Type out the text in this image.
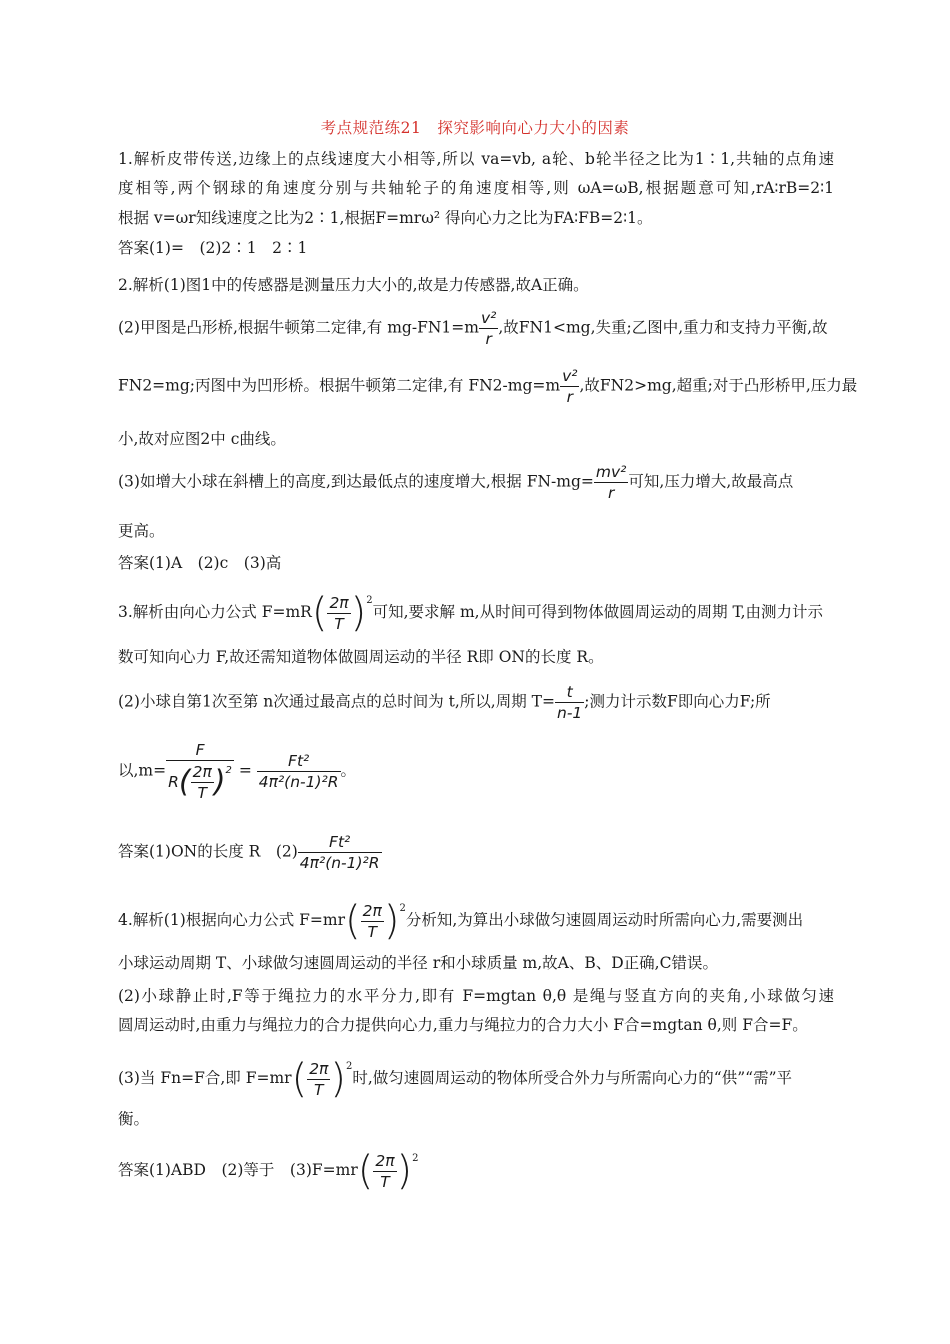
考点规范练21　探究影响向心力大小的因素
1.解析皮带传送,边缘上的点线速度大小相等,所以 va=vb, a轮、b轮半径之比为1∶1,共轴的点角速
度相等,两个钢球的角速度分别与共轴轮子的角速度相等,则 ωA=ωB,根据题意可知,rA∶rB=2∶1
根据 v=ωr知线速度之比为2∶1,根据F=mrω² 得向心力之比为FA∶FB=2∶1。
答案(1)=　(2)2∶1　2∶1
2.解析(1)图1中的传感器是测量压力大小的,故是力传感器,故A正确。
(2)甲图是凸形桥,根据牛顿第二定律,有 $mg-FN1=m \frac{\text{v²}}{r}$ ,故FN1<mg,失重;乙图中,重力和支持力平衡,故
FN2=mg;丙图中为凹形桥。根据牛顿第二定律,有 $FN2-mg=m \frac{\text{v²}}{r}$ ,故FN2>mg,超重;对于凸形桥甲,压力最
小,故对应图2中 c曲线。
(3)如增大小球在斜槽上的高度,到达最低点的速度增大,根据 $FN-mg= \frac{\text{mv²}}{r}$ 可知,压力增大,故最高点
更高。
答案(1)A　(2)c　(3)高
3.解析由向心力公式 $F=mR( \frac{2\pi}{T} )^2$可知,要求解 m,从时间可得到物体做圆周运动的周期 T,由测力计示
数可知向心力 F,故还需知道物体做圆周运动的半径 R即 ON的长度 R。
(2)小球自第1次至第 n次通过最高点的总时间为 t,所以,周期 $T= \frac{t}{n-1}$ ;测力计示数F即向心力F;所
以$,m= \frac{F}{R( \frac{2\pi}{T} )^2} = \frac{\text{Ft²}}{\text{4π²(n-1)²R}}$ 。
答案(1)ON的长度 R　$(2) \frac{\text{Ft²}}{\text{4π²(n-1)²R}}$
4.解析(1)根据向心力公式 $F=mr( \frac{2\pi}{T} )^2$分析知,为算出小球做匀速圆周运动时所需向心力,需要测出
小球运动周期 T、小球做匀速圆周运动的半径 r和小球质量 m,故A、B、D正确,C错误。
(2)小球静止时,F等于绳拉力的水平分力,即有 F=mgtan θ,θ 是绳与竖直方向的夹角,小球做匀速
圆周运动时,由重力与绳拉力的合力提供向心力,重力与绳拉力的合力大小 F合=mgtan θ,则 F合=F。
(3)当 Fn=F合,即 $F=mr( \frac{2\pi}{T} )^2$时,做匀速圆周运动的物体所受合外力与所需向心力的“供”“需”平
衡。
答案(1)ABD　(2)等于　$(3)F=mr( \frac{2\pi}{T} )^2$
